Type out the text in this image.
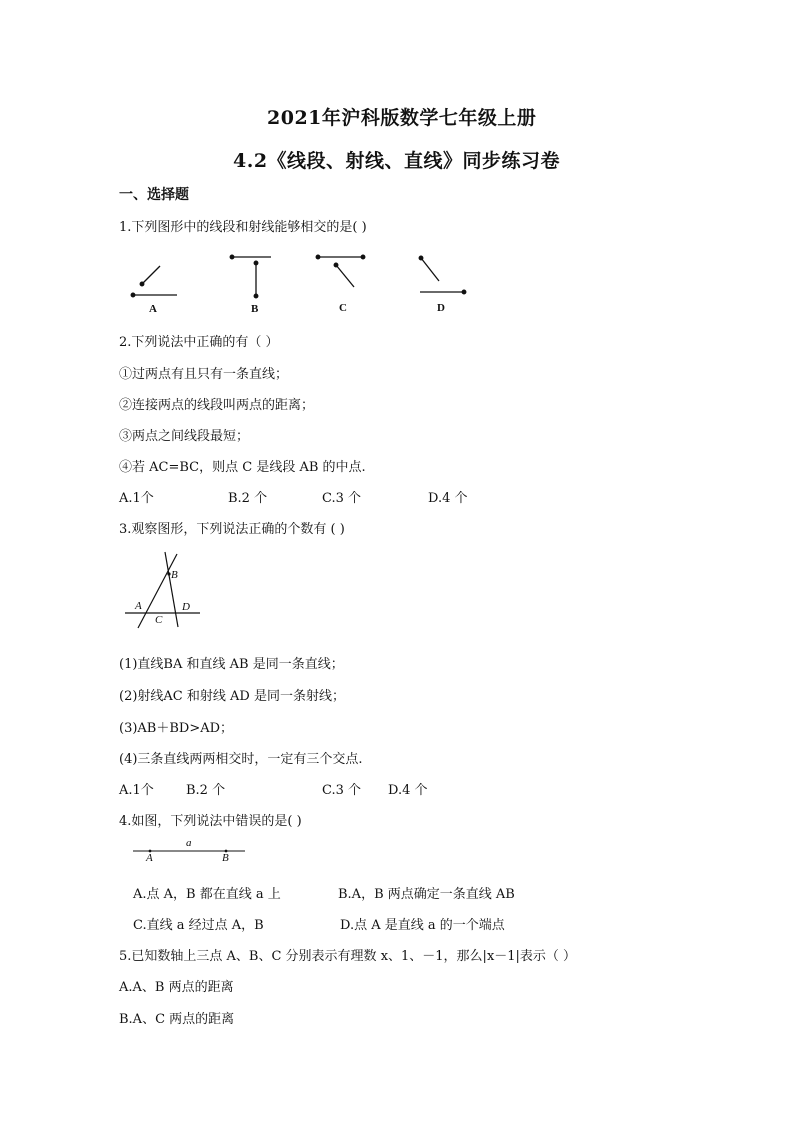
2021年沪科版数学七年级上册
4.2《线段、射线、直线》同步练习卷
一、选择题
1.下列图形中的线段和射线能够相交的是( )
A	B	C	D
2.下列说法中正确的有（ ）
①过两点有且只有一条直线；
②连接两点的线段叫两点的距离；
③两点之间线段最短；
④若 AC=BC，则点 C 是线段 AB 的中点.
A.1个	B.2 个	C.3 个	D.4 个
3.观察图形，下列说法正确的个数有 ( )
B
A	D
C
(1)直线BA 和直线 AB 是同一条直线；
(2)射线AC 和射线 AD 是同一条射线；
(3)AB＋BD>AD；
(4)三条直线两两相交时，一定有三个交点.
A.1个 B.2 个	C.3 个 D.4 个
4.如图，下列说法中错误的是( )
a
A	B
A.点 A，B 都在直线 a 上	B.A，B 两点确定一条直线 AB
C.直线 a 经过点 A，B	D.点 A 是直线 a 的一个端点
5.已知数轴上三点 A、B、C 分别表示有理数 x、1、－1，那么|x－1|表示（ ）
A.A、B 两点的距离
B.A、C 两点的距离
